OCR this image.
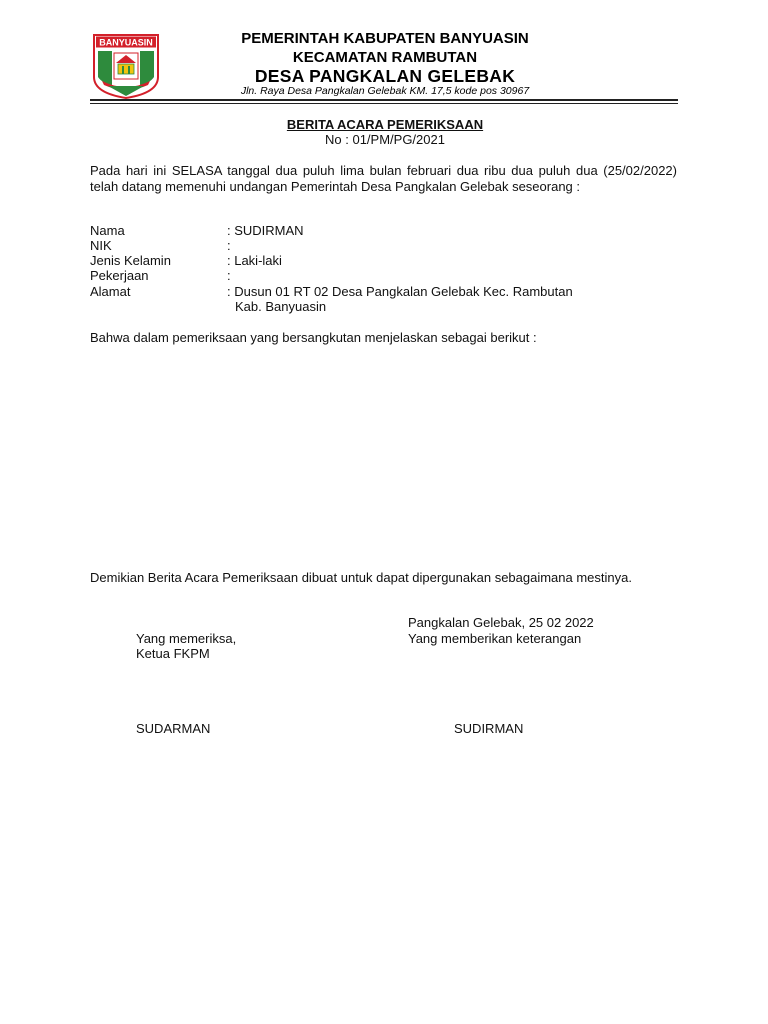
BANYUASIN	PEMERINTAH KABUPATEN BANYUASIN
KECAMATAN RAMBUTAN
DESA PANGKALAN GELEBAK
Jln. Raya Desa Pangkalan Gelebak KM. 17,5 kode pos 30967
BERITA ACARA PEMERIKSAAN
No : 01/PM/PG/2021
Pada hari ini SELASA tanggal dua puluh lima bulan februari dua ribu dua puluh dua (25/02/2022) telah datang memenuhi undangan Pemerintah Desa Pangkalan Gelebak seseorang :
Nama	: SUDIRMAN
NIK	:
Jenis Kelamin	: Laki-laki
Pekerjaan	:
Alamat	: Dusun 01 RT 02 Desa Pangkalan Gelebak Kec. Rambutan
Kab. Banyuasin
Bahwa dalam pemeriksaan yang bersangkutan menjelaskan sebagai berikut :
Demikian Berita Acara Pemeriksaan dibuat untuk dapat dipergunakan sebagaimana mestinya.
Pangkalan Gelebak, 25 02 2022
Yang memeriksa,
Ketua FKPM
Yang memberikan keterangan
SUDARMAN	SUDIRMAN
